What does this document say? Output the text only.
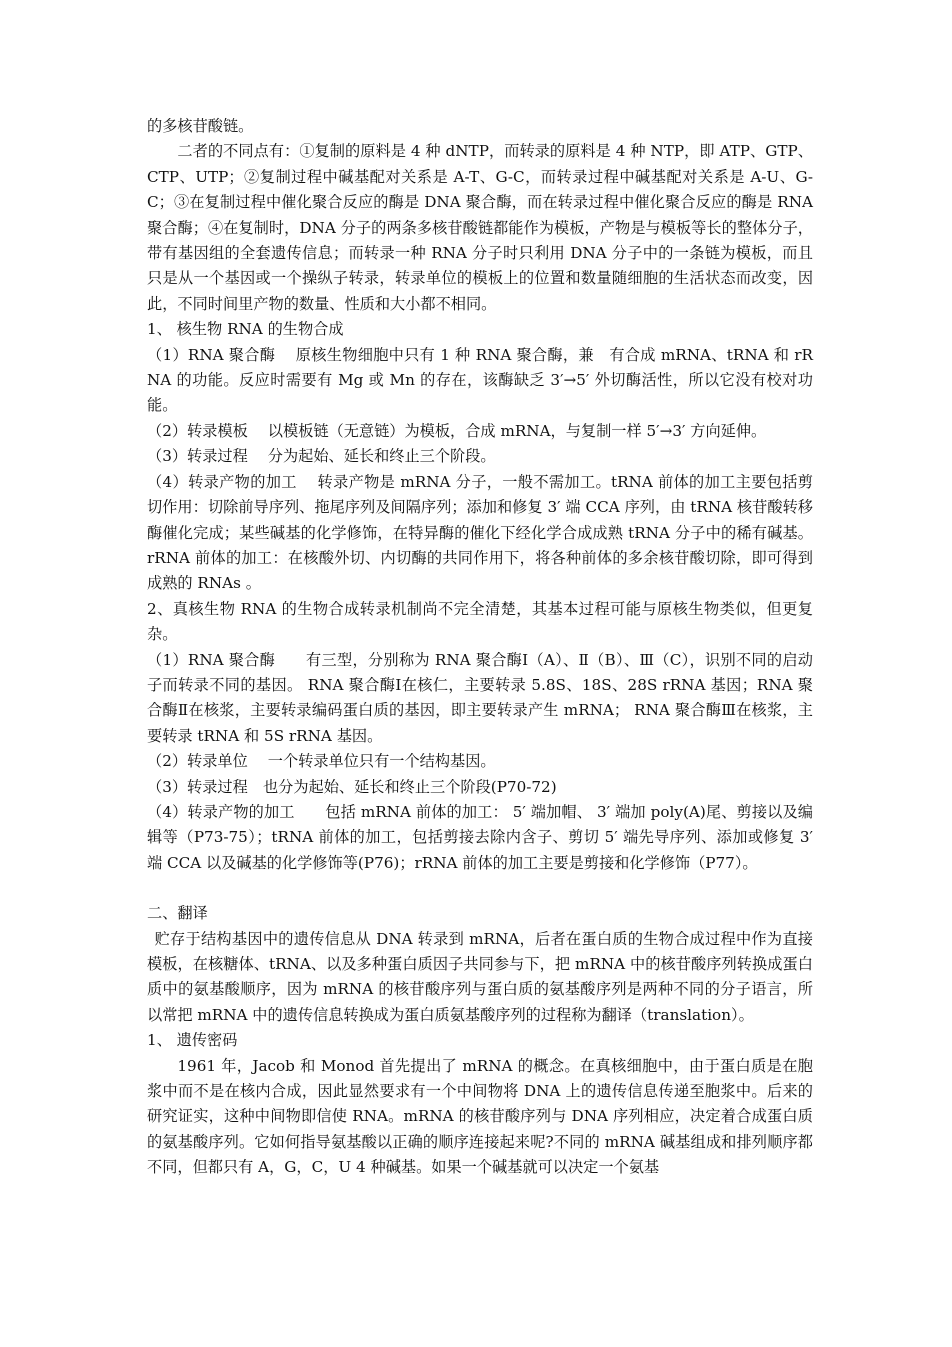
的多核苷酸链。

二者的不同点有：①复制的原料是 4 种 dNTP，而转录的原料是 4 种 NTP，即 ATP、GTP、CTP、UTP；②复制过程中碱基配对关系是 A-T、G-C，而转录过程中碱基配对关系是 A-U、G-C；③在复制过程中催化聚合反应的酶是 DNA 聚合酶，而在转录过程中催化聚合反应的酶是 RNA 聚合酶；④在复制时，DNA 分子的两条多核苷酸链都能作为模板，产物是与模板等长的整体分子，带有基因组的全套遗传信息；而转录一种 RNA 分子时只利用 DNA 分子中的一条链为模板，而且只是从一个基因或一个操纵子转录，转录单位的模板上的位置和数量随细胞的生活状态而改变，因此，不同时间里产物的数量、性质和大小都不相同。

1、 核生物 RNA 的生物合成

（1）RNA 聚合酶　 原核生物细胞中只有 1 种 RNA 聚合酶，兼　有合成 mRNA、tRNA 和 rRNA 的功能。反应时需要有 Mg 或 Mn 的存在，该酶缺乏 3′→5′ 外切酶活性，所以它没有校对功能。

（2）转录模板　 以模板链（无意链）为模板，合成 mRNA，与复制一样 5′→3′ 方向延伸。

（3）转录过程　 分为起始、延长和终止三个阶段。

（4）转录产物的加工　 转录产物是 mRNA 分子，一般不需加工。tRNA 前体的加工主要包括剪切作用：切除前导序列、拖尾序列及间隔序列；添加和修复 3′ 端 CCA 序列，由 tRNA 核苷酸转移酶催化完成；某些碱基的化学修饰，在特异酶的催化下经化学合成成熟 tRNA 分子中的稀有碱基。rRNA 前体的加工：在核酸外切、内切酶的共同作用下，将各种前体的多余核苷酸切除，即可得到成熟的 RNAs 。

2、真核生物 RNA 的生物合成转录机制尚不完全清楚，其基本过程可能与原核生物类似，但更复杂。

（1）RNA 聚合酶　　有三型，分别称为 RNA 聚合酶Ⅰ（A）、Ⅱ（B）、Ⅲ（C），识别不同的启动子而转录不同的基因。 RNA 聚合酶Ⅰ在核仁，主要转录 5.8S、18S、28S rRNA 基因；RNA 聚合酶Ⅱ在核浆，主要转录编码蛋白质的基因，即主要转录产生 mRNA； RNA 聚合酶Ⅲ在核浆，主要转录 tRNA 和 5S rRNA 基因。

（2）转录单位　 一个转录单位只有一个结构基因。

（3）转录过程　也分为起始、延长和终止三个阶段(P70-72)

（4）转录产物的加工　　包括 mRNA 前体的加工： 5′ 端加帽、 3′ 端加 poly(A)尾、剪接以及编辑等（P73-75）；tRNA 前体的加工，包括剪接去除内含子、剪切 5′ 端先导序列、添加或修复 3′ 端 CCA 以及碱基的化学修饰等(P76)；rRNA 前体的加工主要是剪接和化学修饰（P77）。

二、翻译

贮存于结构基因中的遗传信息从 DNA 转录到 mRNA，后者在蛋白质的生物合成过程中作为直接模板，在核糖体、tRNA、以及多种蛋白质因子共同参与下，把 mRNA 中的核苷酸序列转换成蛋白质中的氨基酸顺序，因为 mRNA 的核苷酸序列与蛋白质的氨基酸序列是两种不同的分子语言，所以常把 mRNA 中的遗传信息转换成为蛋白质氨基酸序列的过程称为翻译（translation）。

1、 遗传密码

1961 年，Jacob 和 Monod 首先提出了 mRNA 的概念。在真核细胞中，由于蛋白质是在胞浆中而不是在核内合成，因此显然要求有一个中间物将 DNA 上的遗传信息传递至胞浆中。后来的研究证实，这种中间物即信使 RNA。mRNA 的核苷酸序列与 DNA 序列相应，决定着合成蛋白质的氨基酸序列。它如何指导氨基酸以正确的顺序连接起来呢?不同的 mRNA 碱基组成和排列顺序都不同，但都只有 A，G，C，U 4 种碱基。如果一个碱基就可以决定一个氨基
